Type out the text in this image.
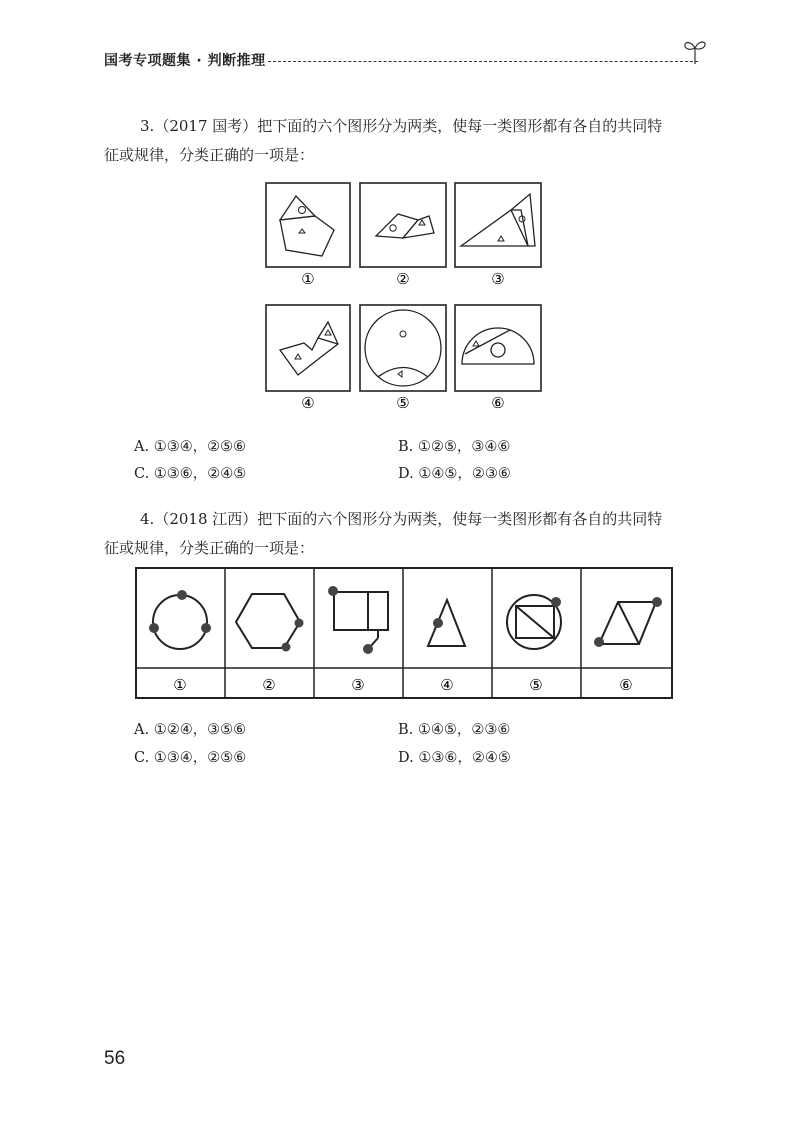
国考专项题集 · 判断推理
3.（2017 国考）把下面的六个图形分为两类，使每一类图形都有各自的共同特
征或规律，分类正确的一项是：
①	②	③
④	⑤	⑥
A. ①③④，②⑤⑥	B. ①②⑤，③④⑥
C. ①③⑥，②④⑤	D. ①④⑤，②③⑥
4.（2018 江西）把下面的六个图形分为两类，使每一类图形都有各自的共同特
征或规律，分类正确的一项是：
①	②	③	④	⑤	⑥
A. ①②④，③⑤⑥	B. ①④⑤，②③⑥
C. ①③④，②⑤⑥	D. ①③⑥，②④⑤
56
